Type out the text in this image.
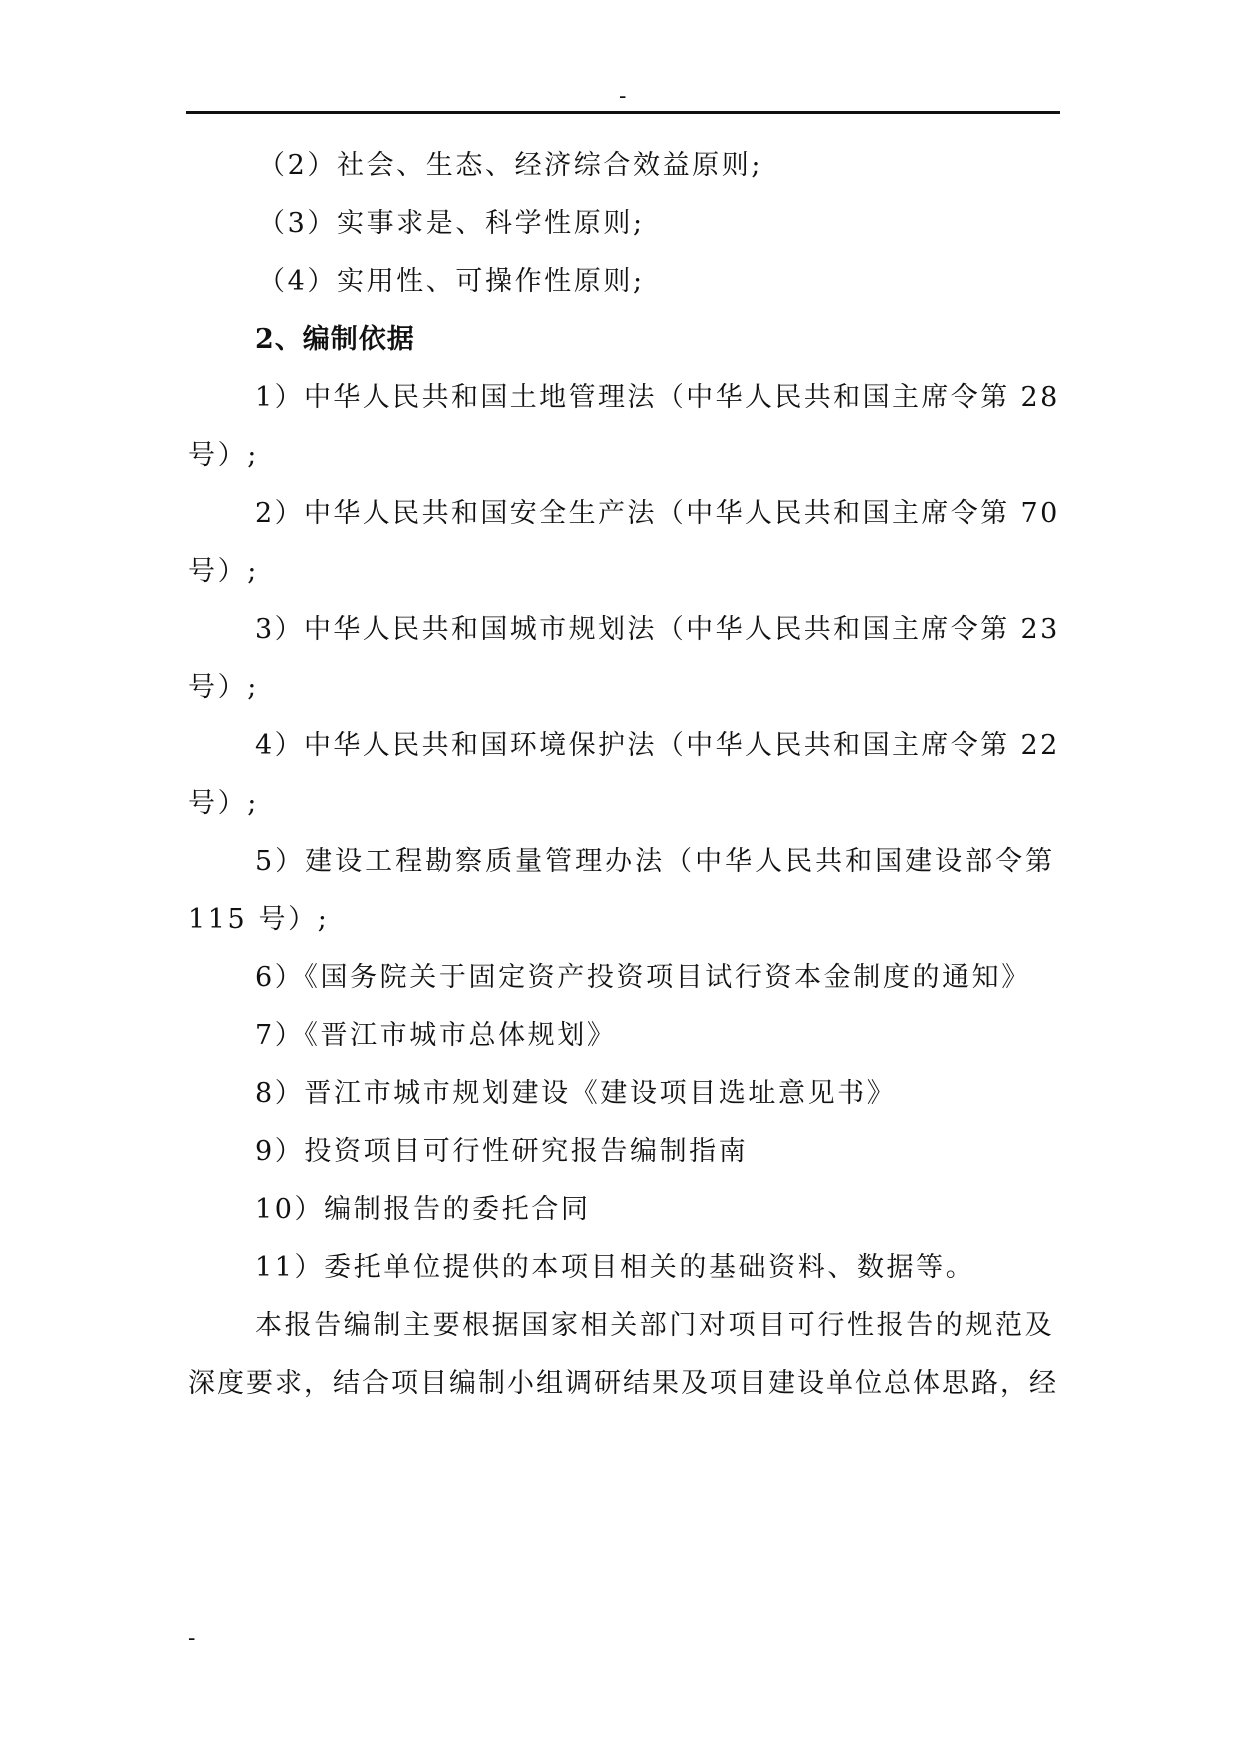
-

（2）社会、生态、经济综合效益原则;

（3）实事求是、科学性原则;

（4）实用性、可操作性原则;

2、编制依据

1）中华人民共和国土地管理法（中华人民共和国主席令第 28

号）;

2）中华人民共和国安全生产法（中华人民共和国主席令第 70

号）;

3）中华人民共和国城市规划法（中华人民共和国主席令第 23

号）;

4）中华人民共和国环境保护法（中华人民共和国主席令第 22

号）;

5）建设工程勘察质量管理办法（中华人民共和国建设部令第

115 号）;

6）《国务院关于固定资产投资项目试行资本金制度的通知》

7）《晋江市城市总体规划》

8）晋江市城市规划建设《建设项目选址意见书》

9）投资项目可行性研究报告编制指南

10）编制报告的委托合同

11）委托单位提供的本项目相关的基础资料、数据等。

本报告编制主要根据国家相关部门对项目可行性报告的规范及

深度要求，结合项目编制小组调研结果及项目建设单位总体思路，经

-
